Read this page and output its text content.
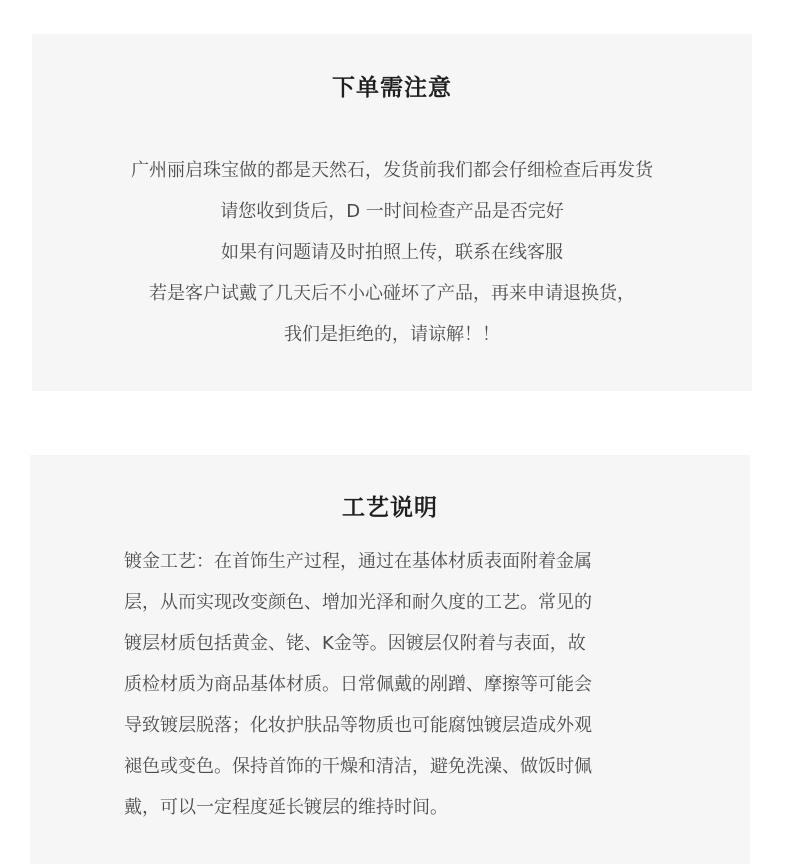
下单需注意
广州丽启珠宝做的都是天然石，发货前我们都会仔细检查后再发货
请您收到货后，D 一时间检查产品是否完好
如果有问题请及时拍照上传，联系在线客服
若是客户试戴了几天后不小心碰坏了产品，再来申请退换货，
我们是拒绝的，请谅解！！
工艺说明
镀金工艺：在首饰生产过程，通过在基体材质表面附着金属
层，从而实现改变颜色、增加光泽和耐久度的工艺。常见的
镀层材质包括黄金、铑、K金等。因镀层仅附着与表面，故
质检材质为商品基体材质。日常佩戴的剐蹭、摩擦等可能会
导致镀层脱落；化妆护肤品等物质也可能腐蚀镀层造成外观
褪色或变色。保持首饰的干燥和清洁，避免洗澡、做饭时佩
戴，可以一定程度延长镀层的维持时间。
